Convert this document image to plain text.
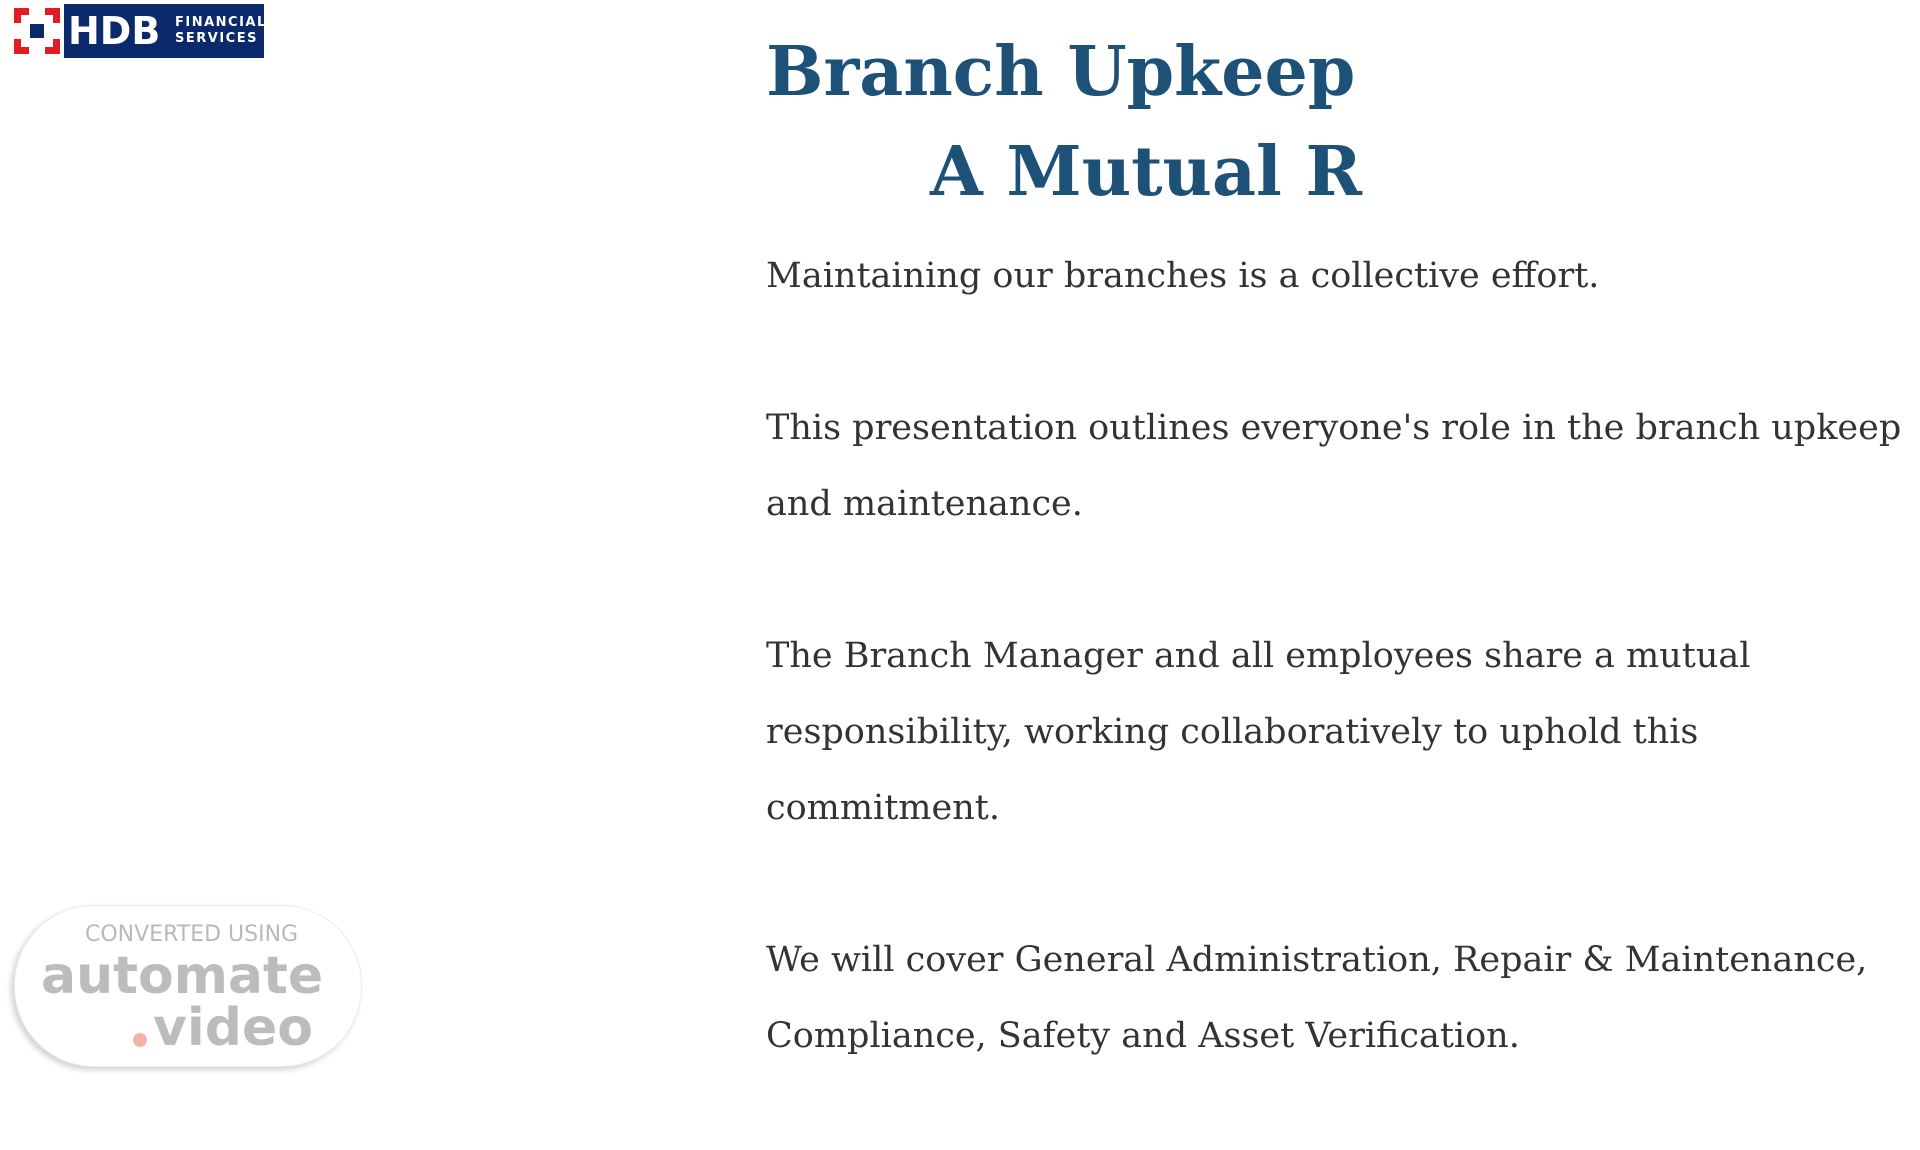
HDB FINANCIAL
SERVICES	Branch Upkeep
A Mutual R

Maintaining our branches is a collective effort.

This presentation outlines everyone's role in the branch upkeep and maintenance.

The Branch Manager and all employees share a mutual responsibility, working collaboratively to uphold this commitment.

We will cover General Administration, Repair & Maintenance, Compliance, Safety and Asset Verification.

CONVERTED USING
automate
video
